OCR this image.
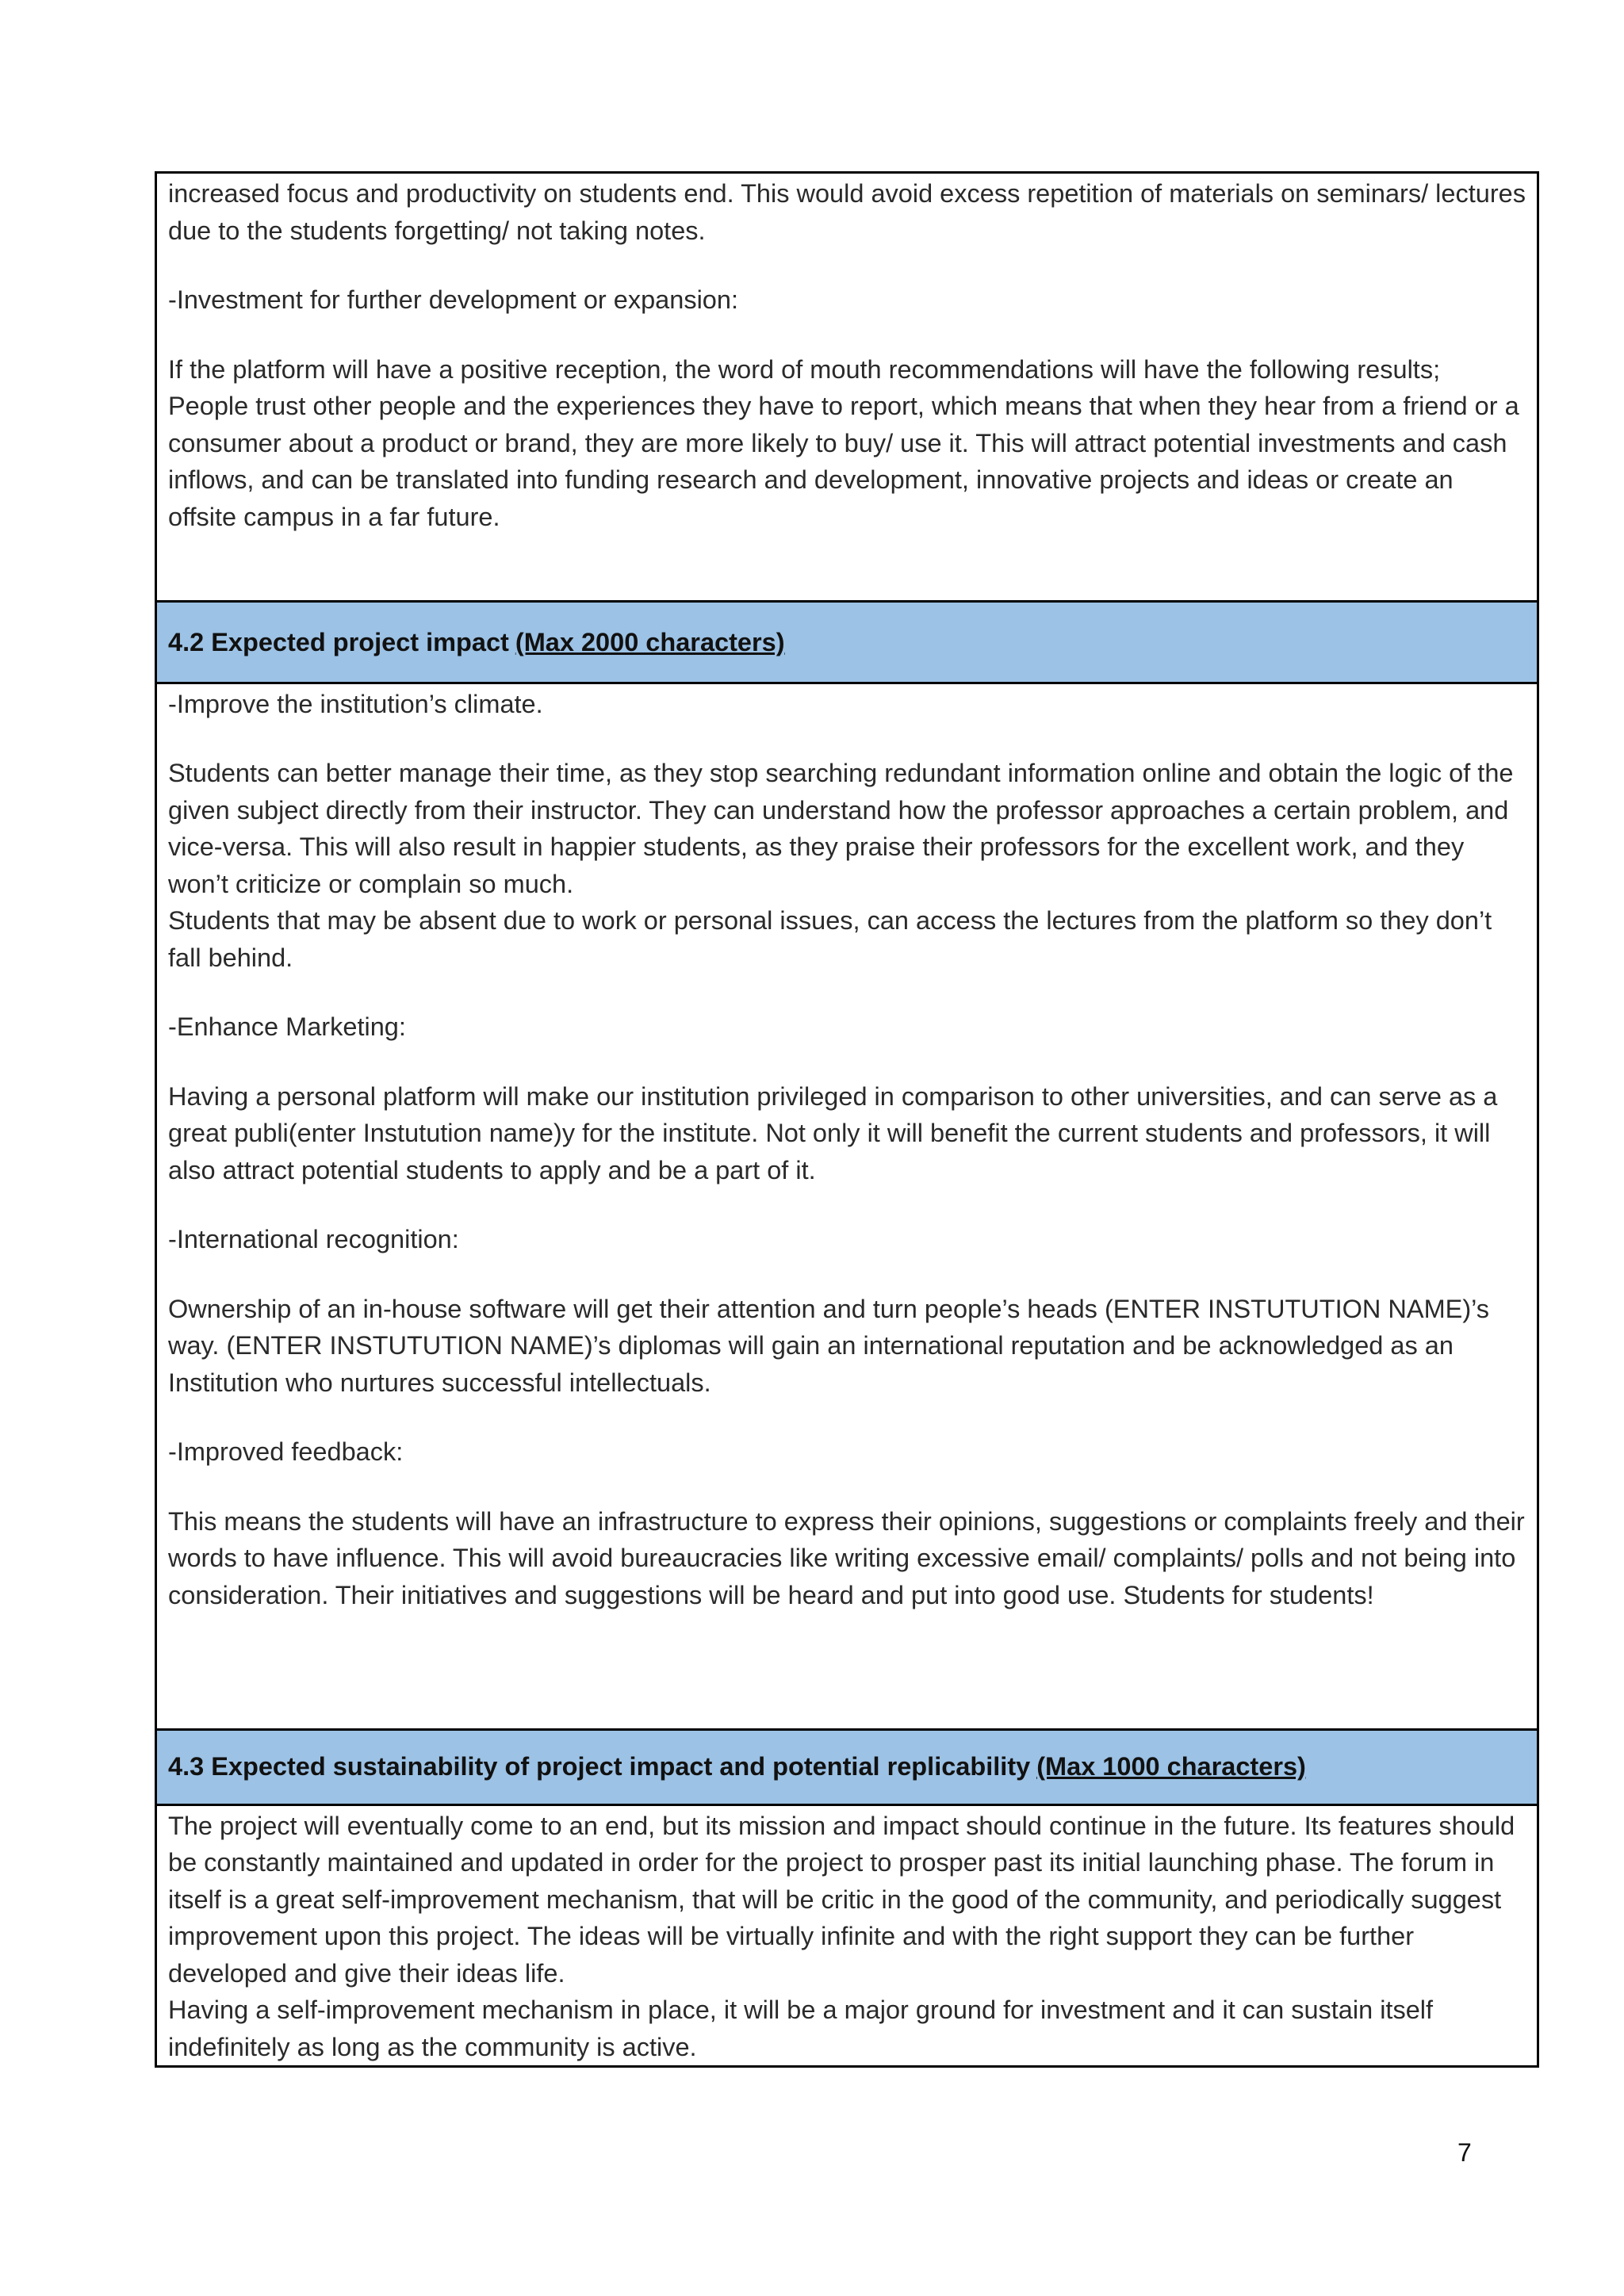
increased focus and productivity on students end. This would avoid excess repetition of materials on seminars/ lectures due to the students forgetting/ not taking notes.

-Investment for further development or expansion:

If the platform will have a positive reception, the word of mouth recommendations will have the following results; People trust other people and the experiences they have to report, which means that when they hear from a friend or a consumer about a product or brand, they are more likely to buy/ use it. This will attract potential investments and cash inflows, and can be translated into funding research and development, innovative projects and ideas or create an offsite campus in a far future.

4.2 Expected project impact (Max 2000 characters)

-Improve the institution’s climate.

Students can better manage their time, as they stop searching redundant information online and obtain the logic of the given subject directly from their instructor. They can understand how the professor approaches a certain problem, and vice-versa. This will also result in happier students, as they praise their professors for the excellent work, and they won’t criticize or complain so much.

Students that may be absent due to work or personal issues, can access the lectures from the platform so they don’t fall behind.

-Enhance Marketing:

Having a personal platform will make our institution privileged in comparison to other universities, and can serve as a great publi(enter Instutution name)y for the institute. Not only it will benefit the current students and professors, it will also attract potential students to apply and be a part of it.

-International recognition:

Ownership of an in-house software will get their attention and turn people’s heads (ENTER INSTUTUTION NAME)’s way. (ENTER INSTUTUTION NAME)’s diplomas will gain an international reputation and be acknowledged as an Institution who nurtures successful intellectuals.

-Improved feedback:

This means the students will have an infrastructure to express their opinions, suggestions or complaints freely and their words to have influence. This will avoid bureaucracies like writing excessive email/ complaints/ polls and not being into consideration. Their initiatives and suggestions will be heard and put into good use. Students for students!

4.3 Expected sustainability of project impact and potential replicability (Max 1000 characters)

The project will eventually come to an end, but its mission and impact should continue in the future. Its features should be constantly maintained and updated in order for the project to prosper past its initial launching phase. The forum in itself is a great self-improvement mechanism, that will be critic in the good of the community, and periodically suggest improvement upon this project. The ideas will be virtually infinite and with the right support they can be further developed and give their ideas life.

Having a self-improvement mechanism in place, it will be a major ground for investment and it can sustain itself indefinitely as long as the community is active.

7
